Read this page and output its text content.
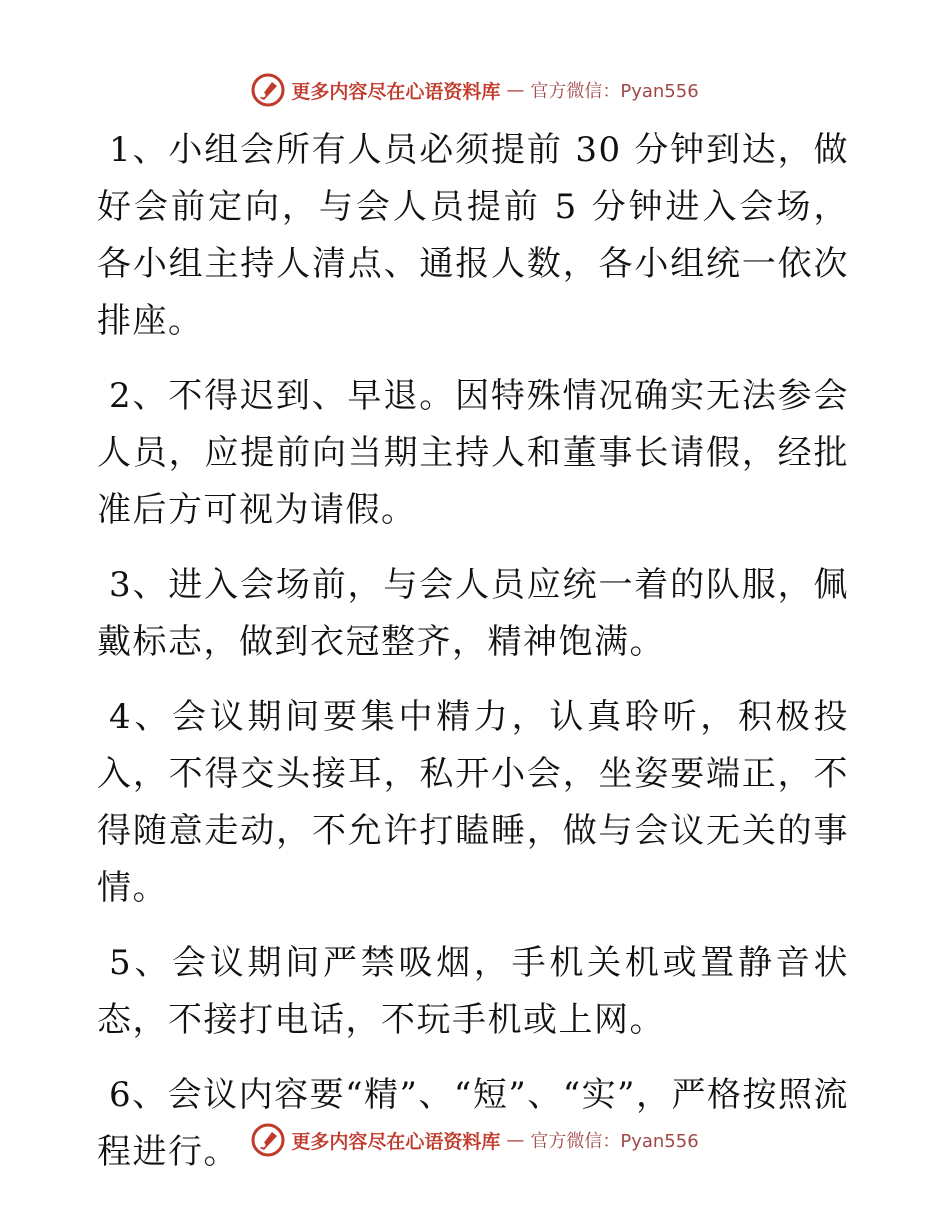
更多内容尽在心语资料库 — 官方微信：Pyan556

1、小组会所有人员必须提前 30 分钟到达，做好会前定向，与会人员提前 5 分钟进入会场，各小组主持人清点、通报人数，各小组统一依次排座。

2、不得迟到、早退。因特殊情况确实无法参会人员，应提前向当期主持人和董事长请假，经批准后方可视为请假。

3、进入会场前，与会人员应统一着的队服，佩戴标志，做到衣冠整齐，精神饱满。

4、会议期间要集中精力，认真聆听，积极投入，不得交头接耳，私开小会，坐姿要端正，不得随意走动，不允许打瞌睡，做与会议无关的事情。

5、会议期间严禁吸烟，手机关机或置静音状态，不接打电话，不玩手机或上网。

6、会议内容要“精”、“短”、“实”，严格按照流程进行。	更多内容尽在心语资料库 — 官方微信：Pyan556
